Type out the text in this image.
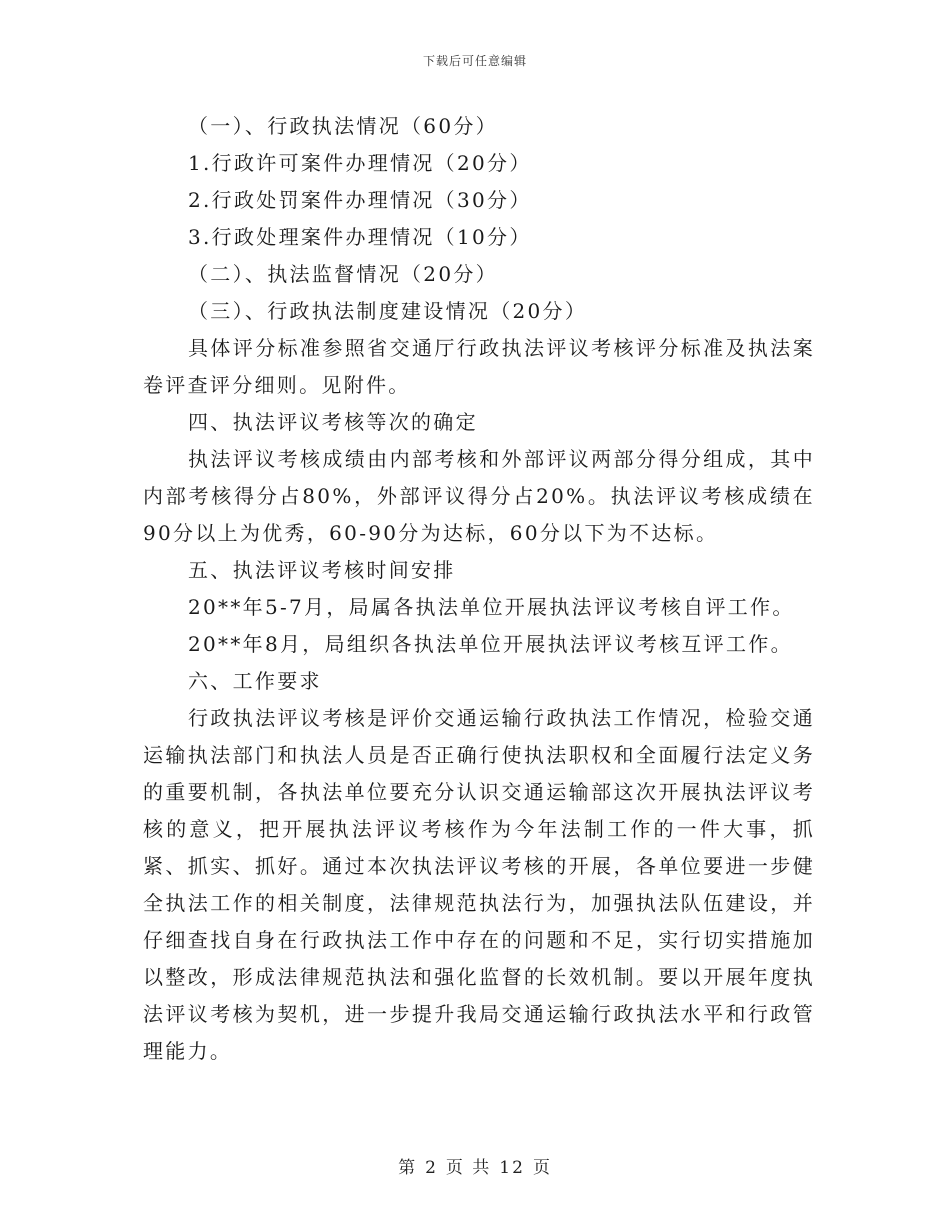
下载后可任意编辑
（一）、行政执法情况（60分）
1.行政许可案件办理情况（20分）
2.行政处罚案件办理情况（30分）
3.行政处理案件办理情况（10分）
（二）、执法监督情况（20分）
（三）、行政执法制度建设情况（20分）

具体评分标准参照省交通厅行政执法评议考核评分标准及执法案卷评查评分细则。见附件。

四、执法评议考核等次的确定

执法评议考核成绩由内部考核和外部评议两部分得分组成，其中内部考核得分占80%，外部评议得分占20%。执法评议考核成绩在90分以上为优秀，60-90分为达标，60分以下为不达标。

五、执法评议考核时间安排
20**年5-7月，局属各执法单位开展执法评议考核自评工作。
20**年8月，局组织各执法单位开展执法评议考核互评工作。
六、工作要求

行政执法评议考核是评价交通运输行政执法工作情况，检验交通运输执法部门和执法人员是否正确行使执法职权和全面履行法定义务的重要机制，各执法单位要充分认识交通运输部这次开展执法评议考核的意义，把开展执法评议考核作为今年法制工作的一件大事，抓紧、抓实、抓好。通过本次执法评议考核的开展，各单位要进一步健全执法工作的相关制度，法律规范执法行为，加强执法队伍建设，并仔细查找自身在行政执法工作中存在的问题和不足，实行切实措施加以整改，形成法律规范执法和强化监督的长效机制。要以开展年度执法评议考核为契机，进一步提升我局交通运输行政执法水平和行政管理能力。

第 2 页 共 12 页
